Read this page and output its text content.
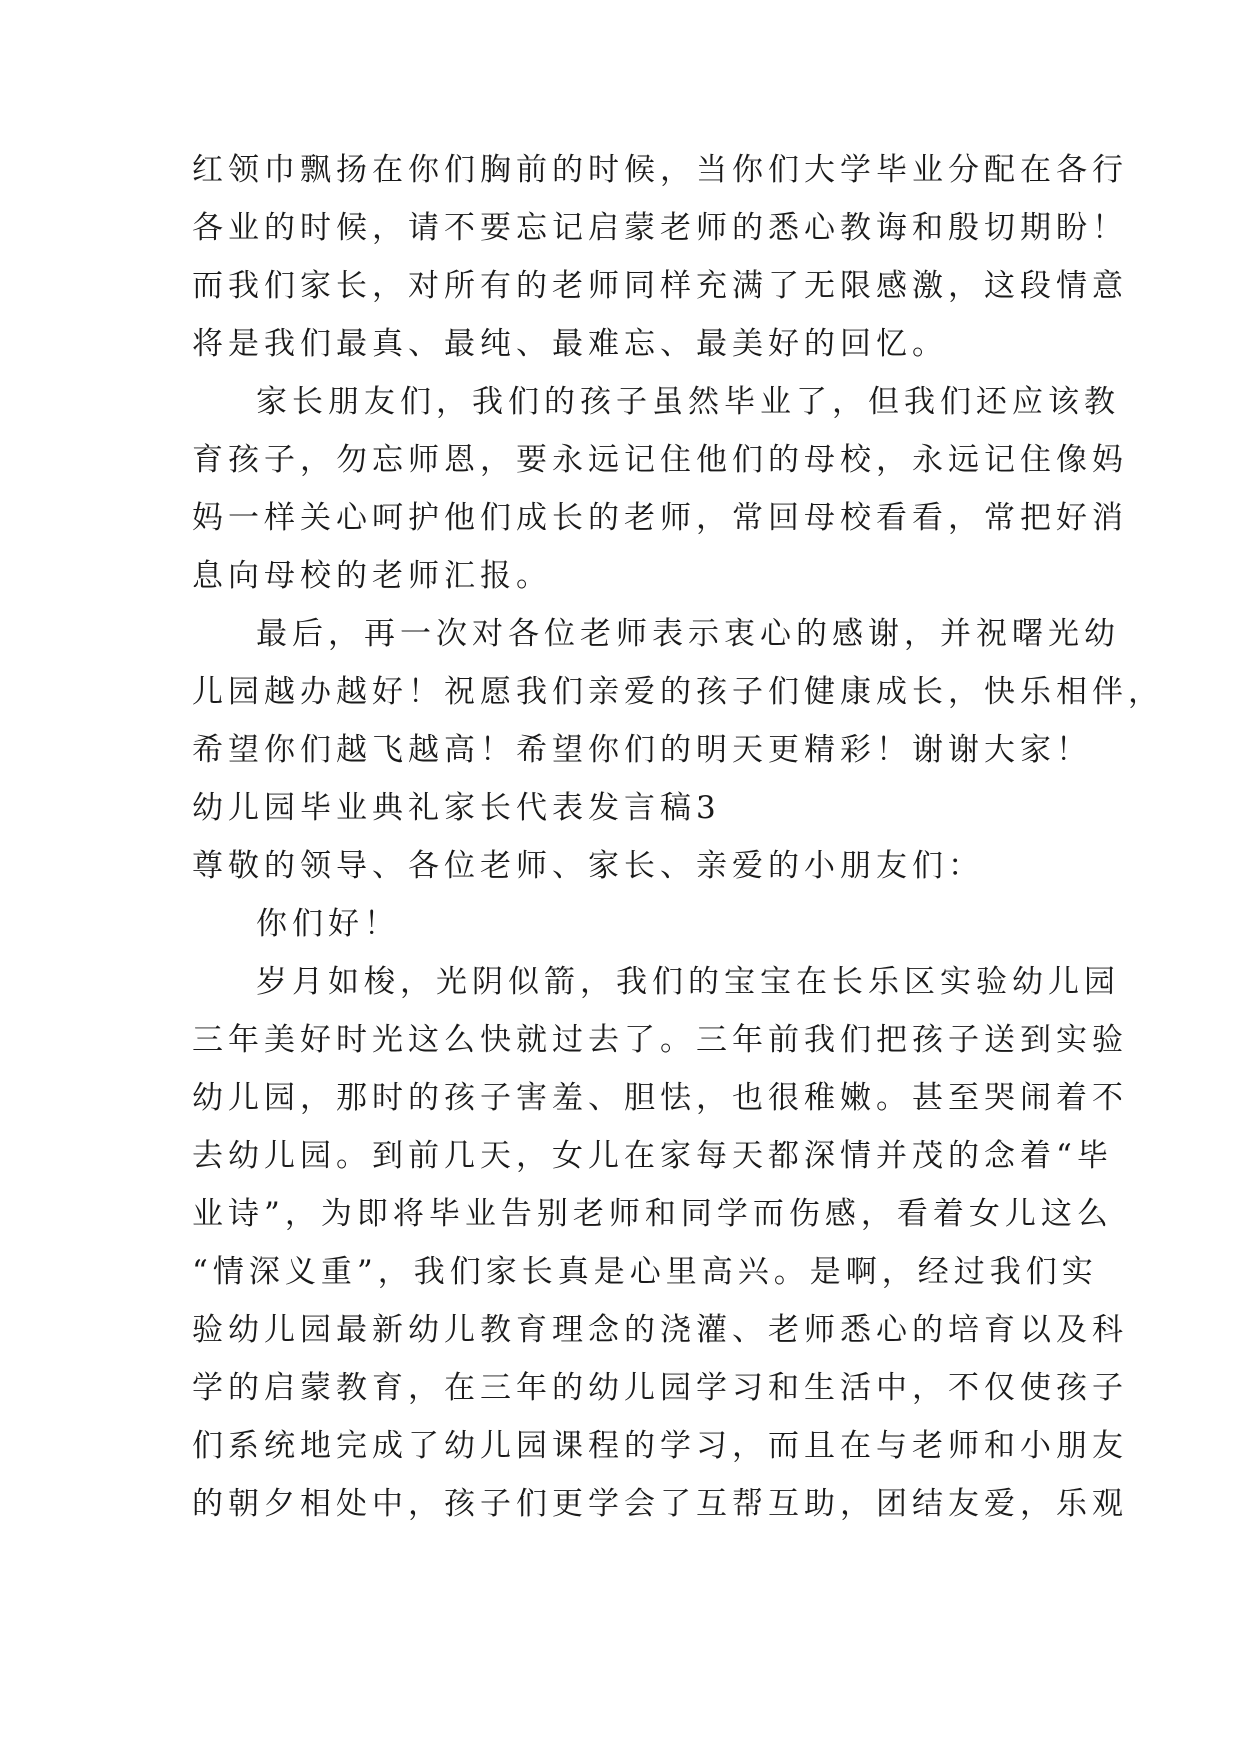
红领巾飘扬在你们胸前的时候，当你们大学毕业分配在各行
各业的时候，请不要忘记启蒙老师的悉心教诲和殷切期盼！
而我们家长，对所有的老师同样充满了无限感激，这段情意
将是我们最真、最纯、最难忘、最美好的回忆。
家长朋友们，我们的孩子虽然毕业了，但我们还应该教
育孩子，勿忘师恩，要永远记住他们的母校，永远记住像妈
妈一样关心呵护他们成长的老师，常回母校看看，常把好消
息向母校的老师汇报。
最后，再一次对各位老师表示衷心的感谢，并祝曙光幼
儿园越办越好！祝愿我们亲爱的孩子们健康成长，快乐相伴，
希望你们越飞越高！希望你们的明天更精彩！谢谢大家！
幼儿园毕业典礼家长代表发言稿3
尊敬的领导、各位老师、家长、亲爱的小朋友们：
你们好！
岁月如梭，光阴似箭，我们的宝宝在长乐区实验幼儿园
三年美好时光这么快就过去了。三年前我们把孩子送到实验
幼儿园，那时的孩子害羞、胆怯，也很稚嫩。甚至哭闹着不
去幼儿园。到前几天，女儿在家每天都深情并茂的念着“毕
业诗”，为即将毕业告别老师和同学而伤感，看着女儿这么
“情深义重”，我们家长真是心里高兴。是啊，经过我们实
验幼儿园最新幼儿教育理念的浇灌、老师悉心的培育以及科
学的启蒙教育，在三年的幼儿园学习和生活中，不仅使孩子
们系统地完成了幼儿园课程的学习，而且在与老师和小朋友
的朝夕相处中，孩子们更学会了互帮互助，团结友爱，乐观
